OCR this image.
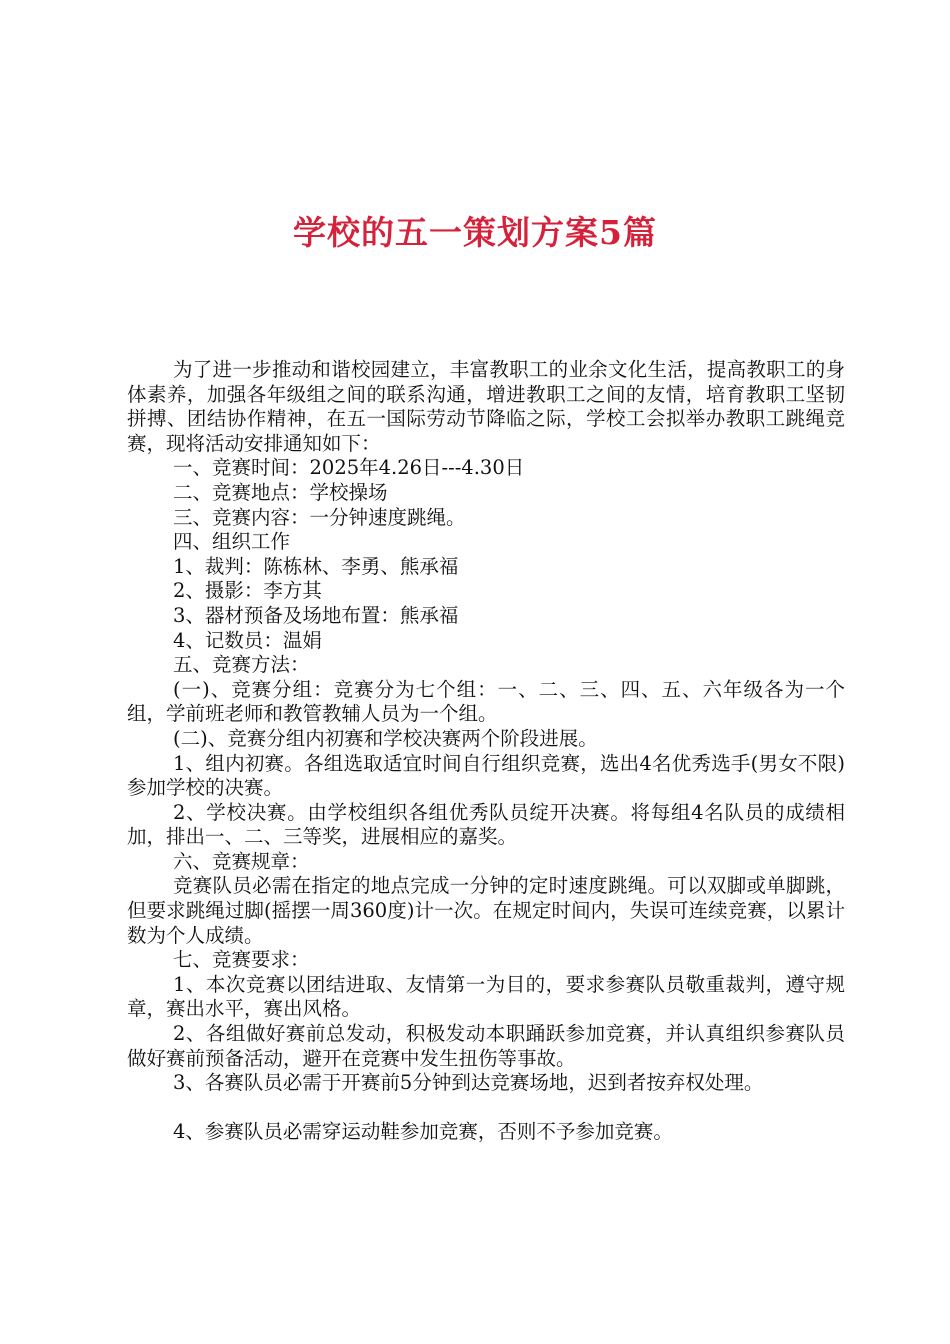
学校的五一策划方案5篇

为了进一步推动和谐校园建立，丰富教职工的业余文化生活，提高教职工的身体素养，加强各年级组之间的联系沟通，增进教职工之间的友情，培育教职工坚韧拼搏、团结协作精神，在五一国际劳动节降临之际，学校工会拟举办教职工跳绳竞赛，现将活动安排通知如下：

一、竞赛时间：2025年4.26日---4.30日

二、竞赛地点：学校操场

三、竞赛内容：一分钟速度跳绳。

四、组织工作

1、裁判：陈栋林、李勇、熊承福

2、摄影：李方其

3、器材预备及场地布置：熊承福

4、记数员：温娟

五、竞赛方法：

(一)、竞赛分组：竞赛分为七个组：一、二、三、四、五、六年级各为一个组，学前班老师和教管教辅人员为一个组。

(二)、竞赛分组内初赛和学校决赛两个阶段进展。

1、组内初赛。各组选取适宜时间自行组织竞赛，选出4名优秀选手(男女不限)参加学校的决赛。

2、学校决赛。由学校组织各组优秀队员绽开决赛。将每组4名队员的成绩相加，排出一、二、三等奖，进展相应的嘉奖。

六、竞赛规章：

竞赛队员必需在指定的地点完成一分钟的定时速度跳绳。可以双脚或单脚跳，但要求跳绳过脚(摇摆一周360度)计一次。在规定时间内，失误可连续竞赛，以累计数为个人成绩。

七、竞赛要求：

1、本次竞赛以团结进取、友情第一为目的，要求参赛队员敬重裁判，遵守规章，赛出水平，赛出风格。

2、各组做好赛前总发动，积极发动本职踊跃参加竞赛，并认真组织参赛队员做好赛前预备活动，避开在竞赛中发生扭伤等事故。

3、各赛队员必需于开赛前5分钟到达竞赛场地，迟到者按弃权处理。

4、参赛队员必需穿运动鞋参加竞赛，否则不予参加竞赛。
